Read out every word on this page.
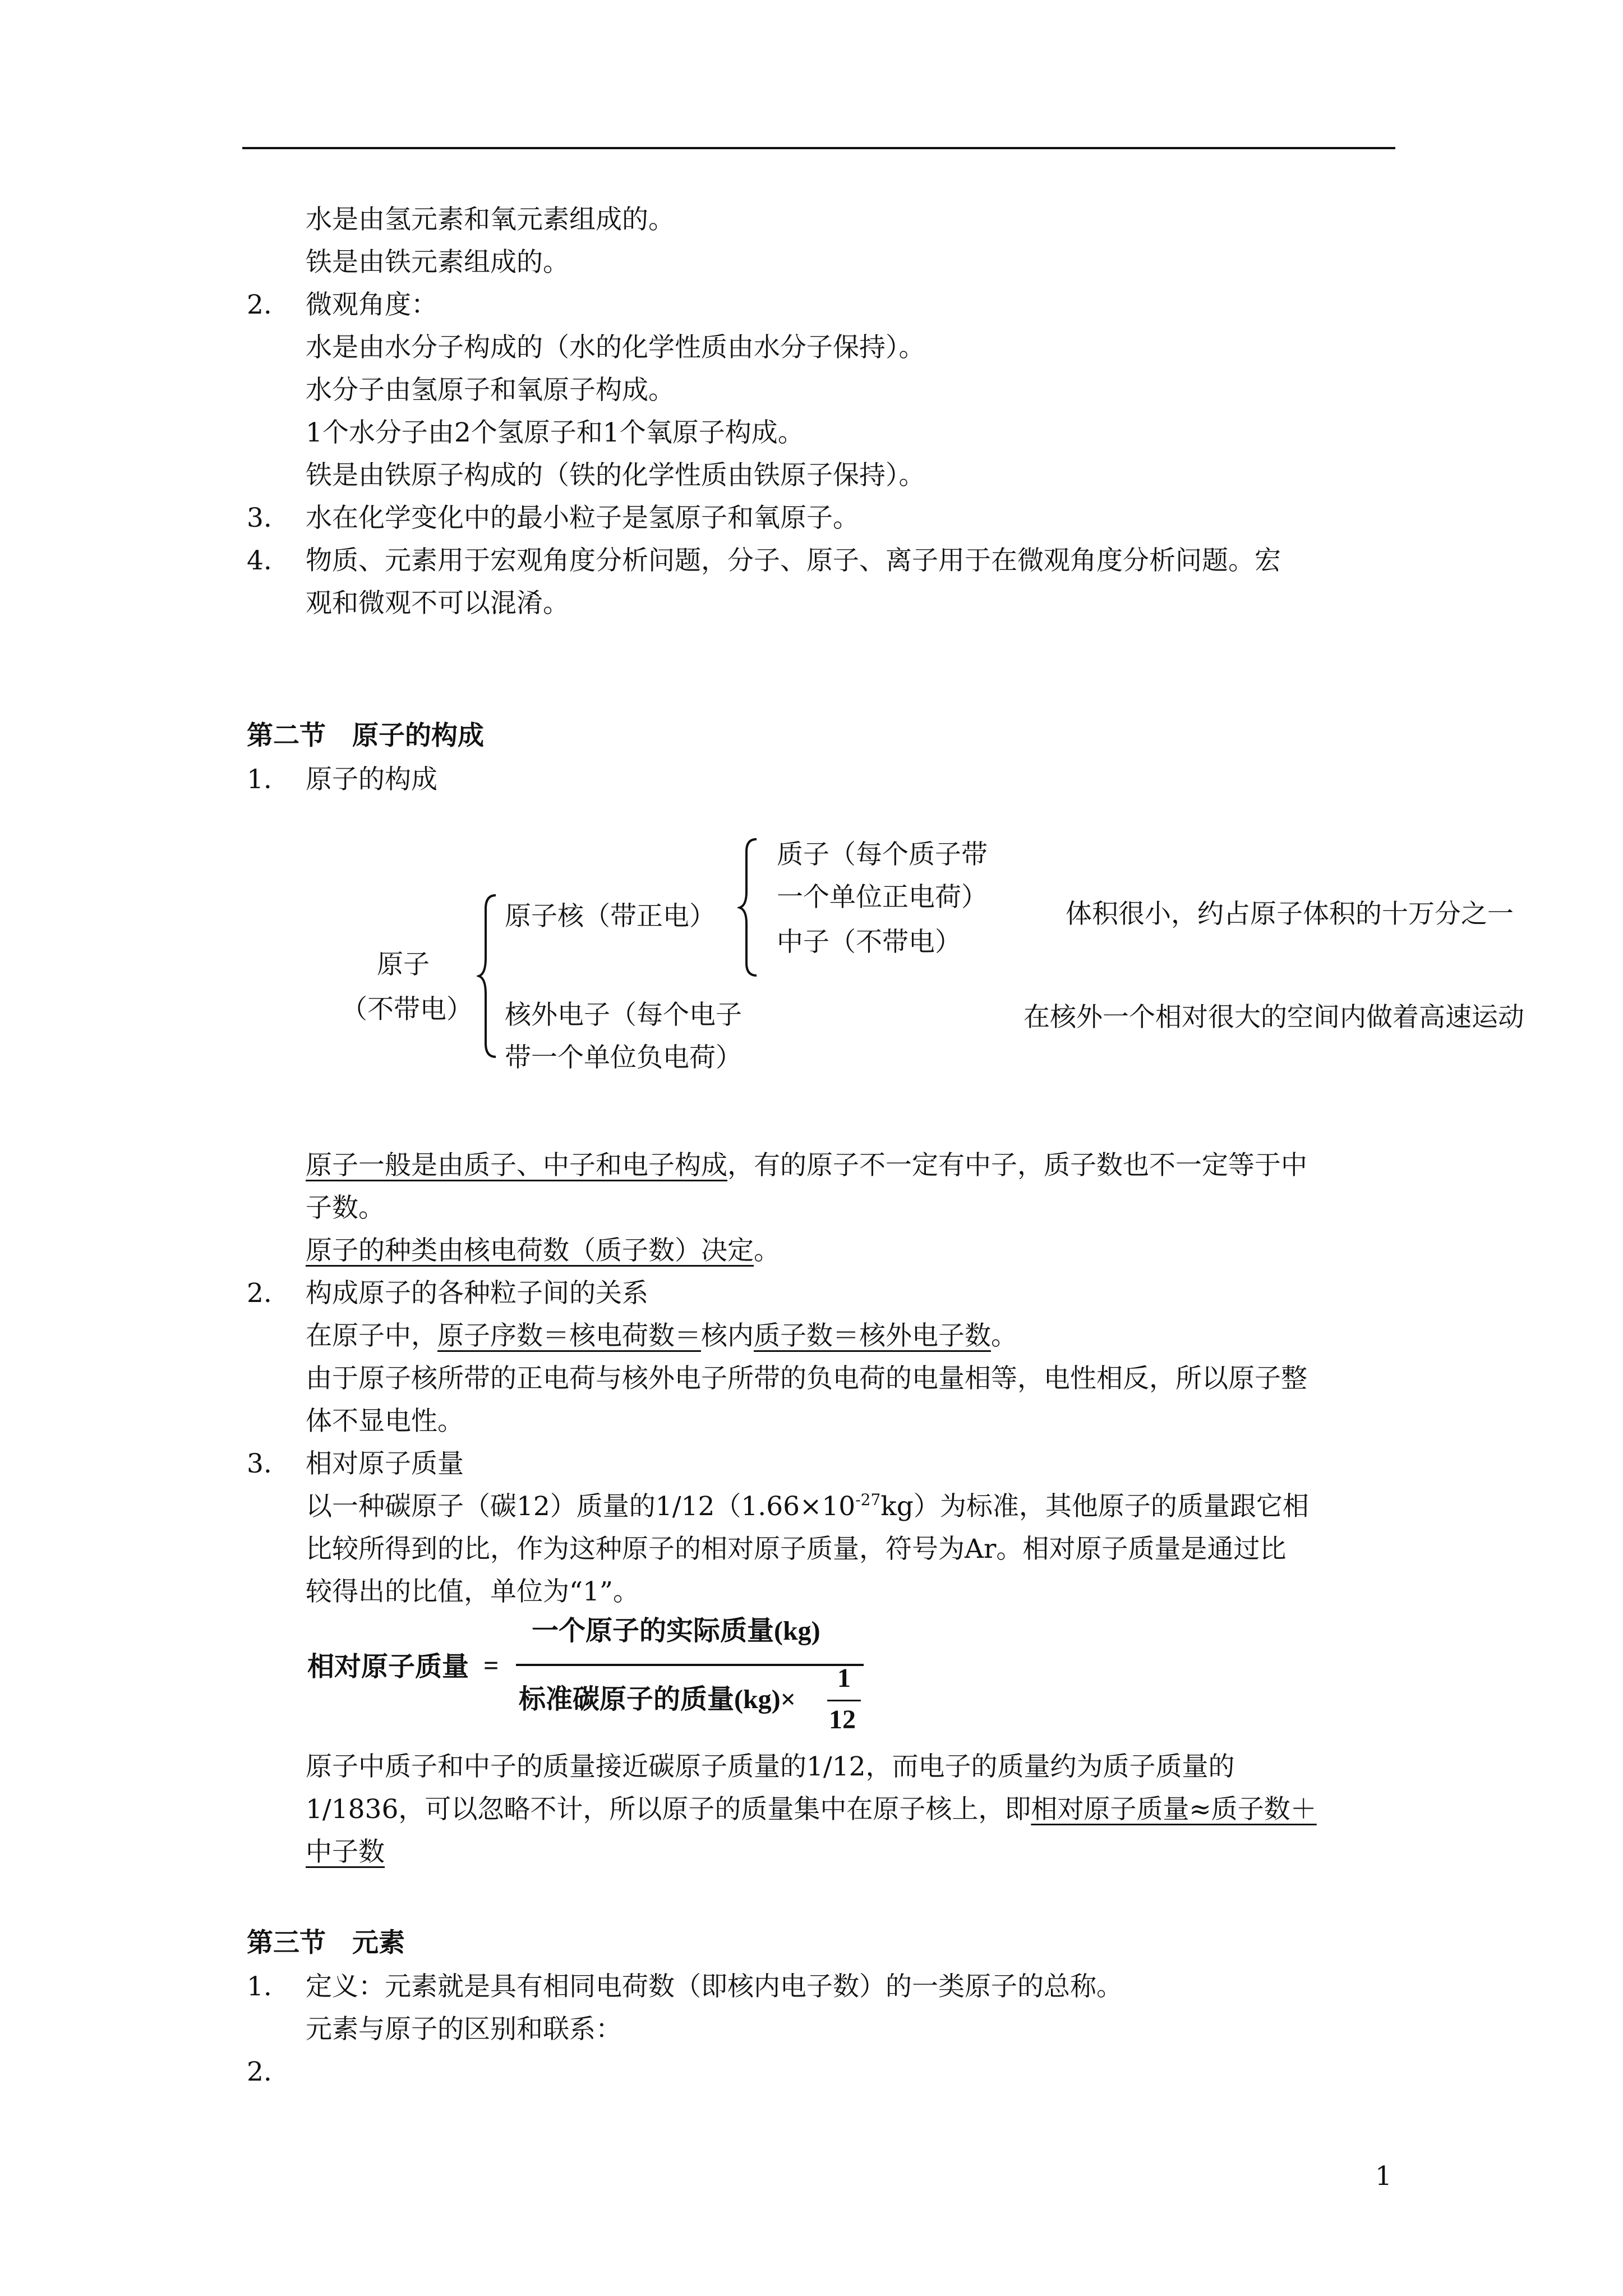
水是由氢元素和氧元素组成的。
铁是由铁元素组成的。
2. 微观角度：
水是由水分子构成的（水的化学性质由水分子保持）。
水分子由氢原子和氧原子构成。
1个水分子由2个氢原子和1个氧原子构成。
铁是由铁原子构成的（铁的化学性质由铁原子保持）。
3. 水在化学变化中的最小粒子是氢原子和氧原子。
4. 物质、元素用于宏观角度分析问题，分子、原子、离子用于在微观角度分析问题。宏
观和微观不可以混淆。
第二节　原子的构成
1. 原子的构成
原子
（不带电）
原子核（带正电）
质子（每个质子带
一个单位正电荷）
中子（不带电）
体积很小，约占原子体积的十万分之一
核外电子（每个电子
带一个单位负电荷）
在核外一个相对很大的空间内做着高速运动
原子一般是由质子、中子和电子构成，有的原子不一定有中子，质子数也不一定等于中
子数。
原子的种类由核电荷数（质子数）决定。
2. 构成原子的各种粒子间的关系
在原子中，原子序数＝核电荷数＝核内质子数＝核外电子数。
由于原子核所带的正电荷与核外电子所带的负电荷的电量相等，电性相反，所以原子整
体不显电性。
3. 相对原子质量
以一种碳原子（碳12）质量的$1/12(1.66\times 10^{-27}kg)$为标准，其他原子的质量跟它相
比较所得到的比，作为这种原子的相对原子质量，符号为Ar。相对原子质量是通过比
较得出的比值，单位为“1”。
相对原子质量 =
一个原子的实际质量(kg)
标准碳原子的质量(kg)×
1
12
原子中质子和中子的质量接近碳原子质量的1/12，而电子的质量约为质子质量的
1/1836，可以忽略不计，所以原子的质量集中在原子核上，即相对原子质量≈质子数＋
中子数
第三节　元素
1. 定义：元素就是具有相同电荷数（即核内电子数）的一类原子的总称。
元素与原子的区别和联系：
2.
1
